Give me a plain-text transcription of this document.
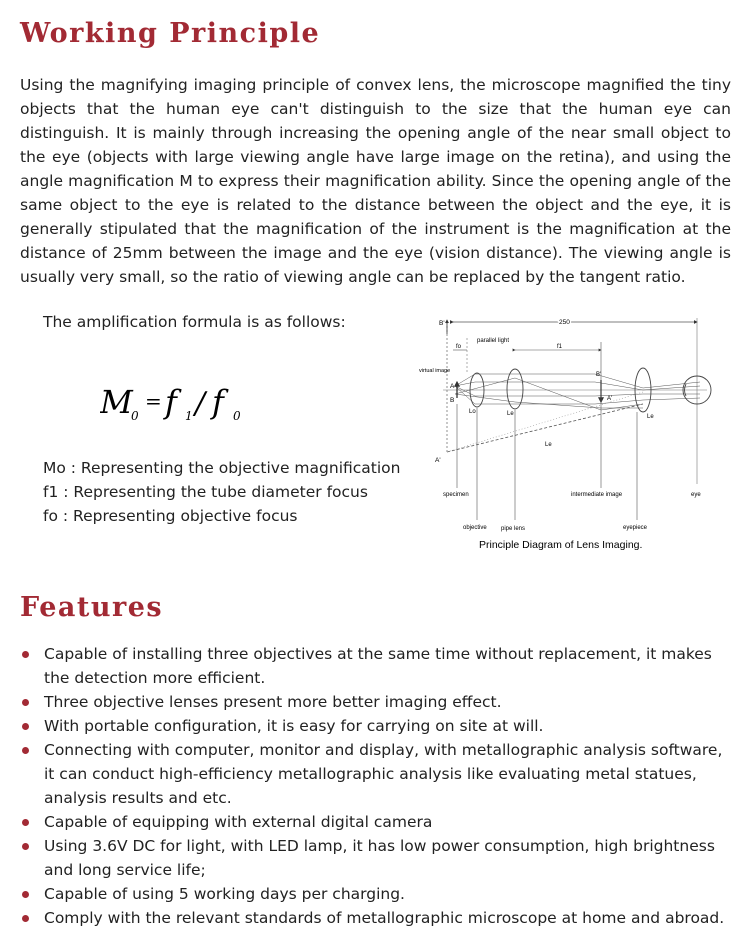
Working Principle

Using the magnifying imaging principle of convex lens, the microscope magnified the tiny objects that the human eye can't distinguish to the size that the human eye can distinguish. It is mainly through increasing the opening angle of the near small object to the eye (objects with large viewing angle have large image on the retina), and using the angle magnification M to express their magnification ability. Since the opening angle of the same object to the eye is related to the distance between the object and the eye, it is generally stipulated that the magnification of the instrument is the magnification at the distance of 25mm between the image and the eye (vision distance). The viewing angle is usually very small, so the ratio of viewing angle can be replaced by the tangent ratio.

The amplification formula is as follows:

M
0
= f 1 / f 0
Mo : Representing the objective magnification
f1 : Representing the tube diameter focus
fo : Representing objective focus
B'	250
fo
parallel light
f1
virtual image
A
B
Lo	Le	Le
Le
B'
A'
A'
specimen	intermediate image	eye
objective pipe lens	eyepiece
Principle Diagram of Lens Imaging.
Features
Capable of installing three objectives at the same time without replacement, it makes the detection more efficient.
Three objective lenses present more better imaging effect.
With portable configuration, it is easy for carrying on site at will.
Connecting with computer, monitor and display, with metallographic analysis software, it can conduct high-efficiency metallographic analysis like evaluating metal statues, analysis results and etc.
Capable of equipping with external digital camera
Using 3.6V DC for light, with LED lamp, it has low power consumption, high brightness and long service life;
Capable of using 5 working days per charging.
Comply with the relevant standards of metallographic microscope at home and abroad.
